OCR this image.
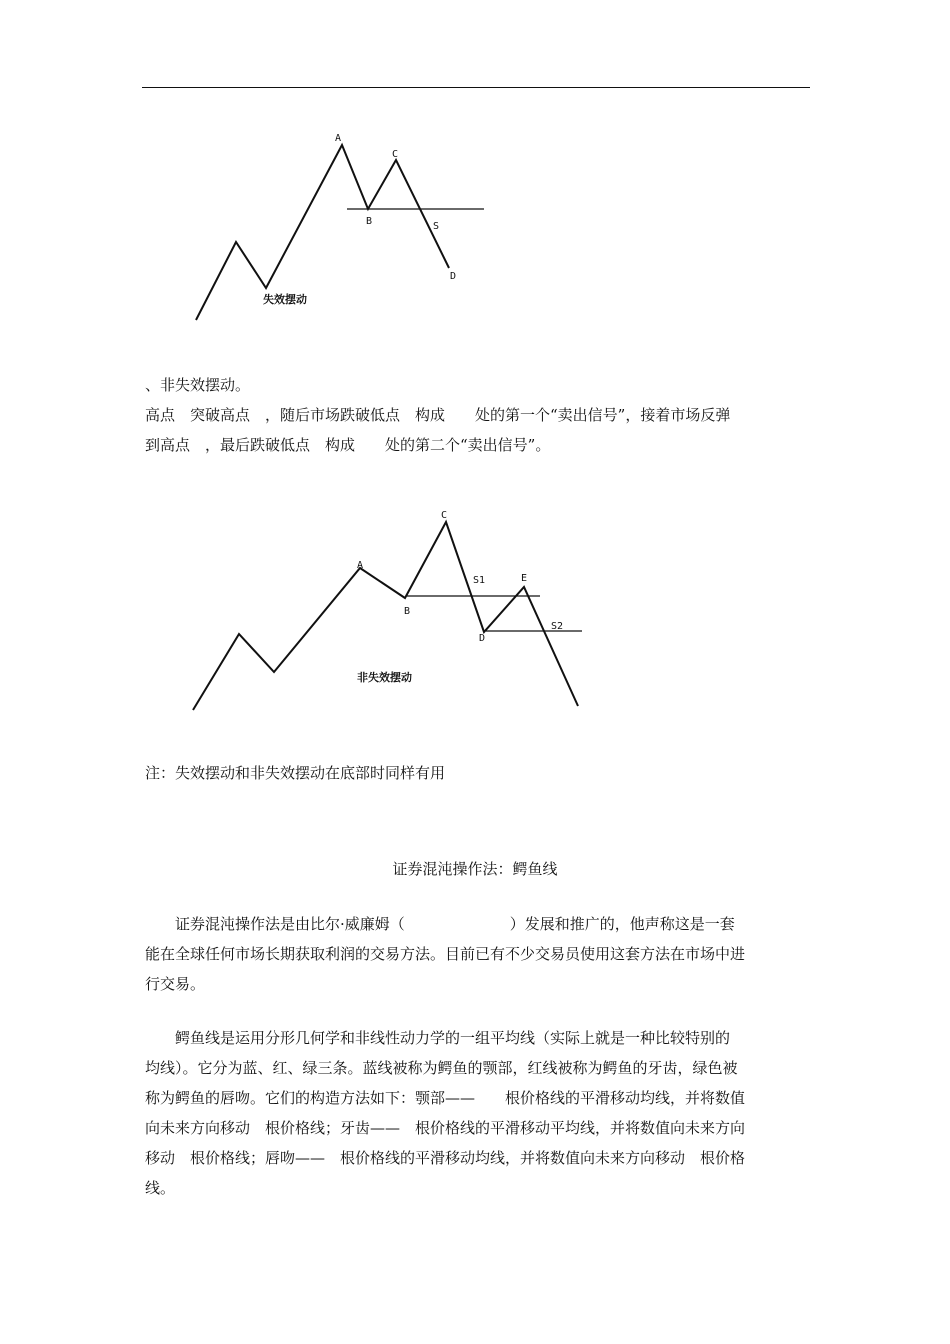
A
B
C
S
D
失效摆动

、非失效摆动。

高点　突破高点　，随后市场跌破低点　构成　　处的第一个“卖出信号”，接着市场反弹

到高点　，最后跌破低点　构成　　处的第二个“卖出信号”。

A
B
C
S1	E
D
S2
非失效摆动

注：失效摆动和非失效摆动在底部时同样有用

证券混沌操作法：鳄鱼线

　　证券混沌操作法是由比尔·威廉姆（　　　　　　　）发展和推广的，他声称这是一套

能在全球任何市场长期获取利润的交易方法。目前已有不少交易员使用这套方法在市场中进

行交易。

　　鳄鱼线是运用分形几何学和非线性动力学的一组平均线（实际上就是一种比较特别的

均线）。它分为蓝、红、绿三条。蓝线被称为鳄鱼的颚部，红线被称为鳄鱼的牙齿，绿色被

称为鳄鱼的唇吻。它们的构造方法如下：颚部——　　根价格线的平滑移动均线，并将数值

向未来方向移动　根价格线；牙齿——　根价格线的平滑移动平均线，并将数值向未来方向

移动　根价格线；唇吻——　根价格线的平滑移动均线，并将数值向未来方向移动　根价格

线。
